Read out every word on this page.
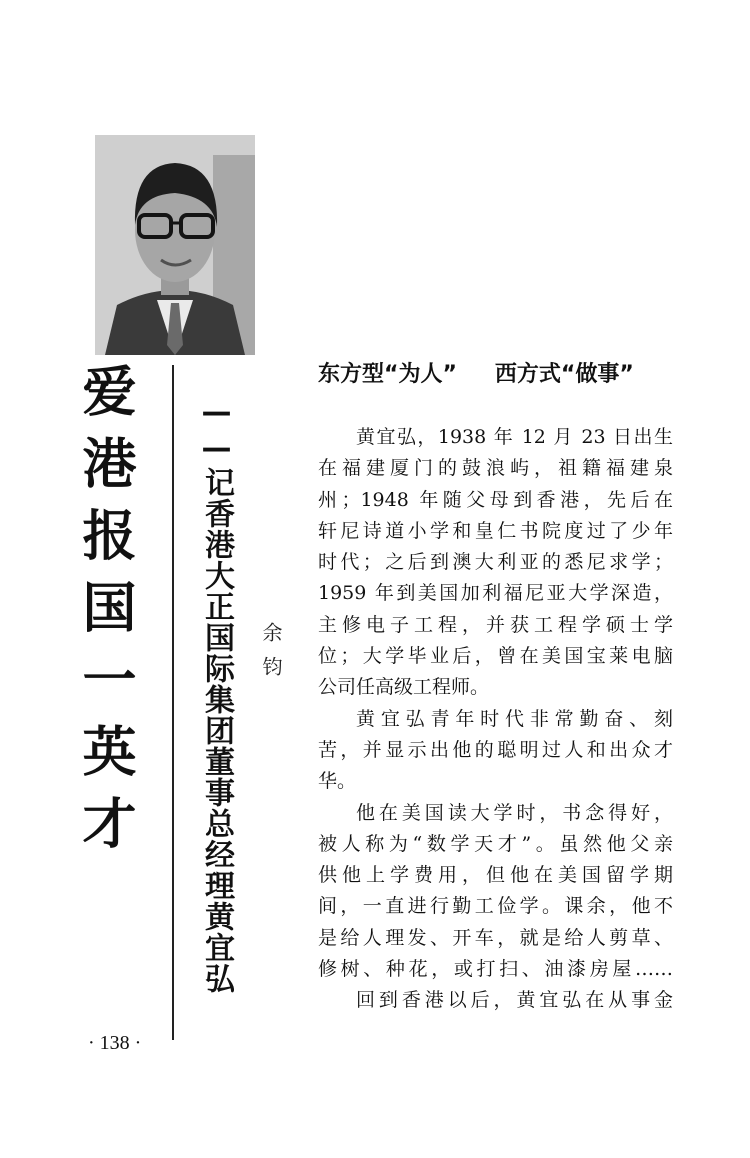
爱港报国一英才 ——记香港大正国际集团董事总经理黄宜弘 余钧
东方型“为人” 西方式“做事”
黄宜弘，1938 年 12 月 23 日出生
在福建厦门的鼓浪屿，祖籍福建泉
州；1948 年随父母到香港，先后在
轩尼诗道小学和皇仁书院度过了少年
时代；之后到澳大利亚的悉尼求学；
1959 年到美国加利福尼亚大学深造，
主修电子工程，并获工程学硕士学
位；大学毕业后，曾在美国宝莱电脑
公司任高级工程师。
黄宜弘青年时代非常勤奋、刻
苦，并显示出他的聪明过人和出众才
华。
他在美国读大学时，书念得好，
被人称为“数学天才”。虽然他父亲
供他上学费用，但他在美国留学期
间，一直进行勤工俭学。课余，他不
是给人理发、开车，就是给人剪草、
修树、种花，或打扫、油漆房屋……
回到香港以后，黄宜弘在从事金
· 138 ·
